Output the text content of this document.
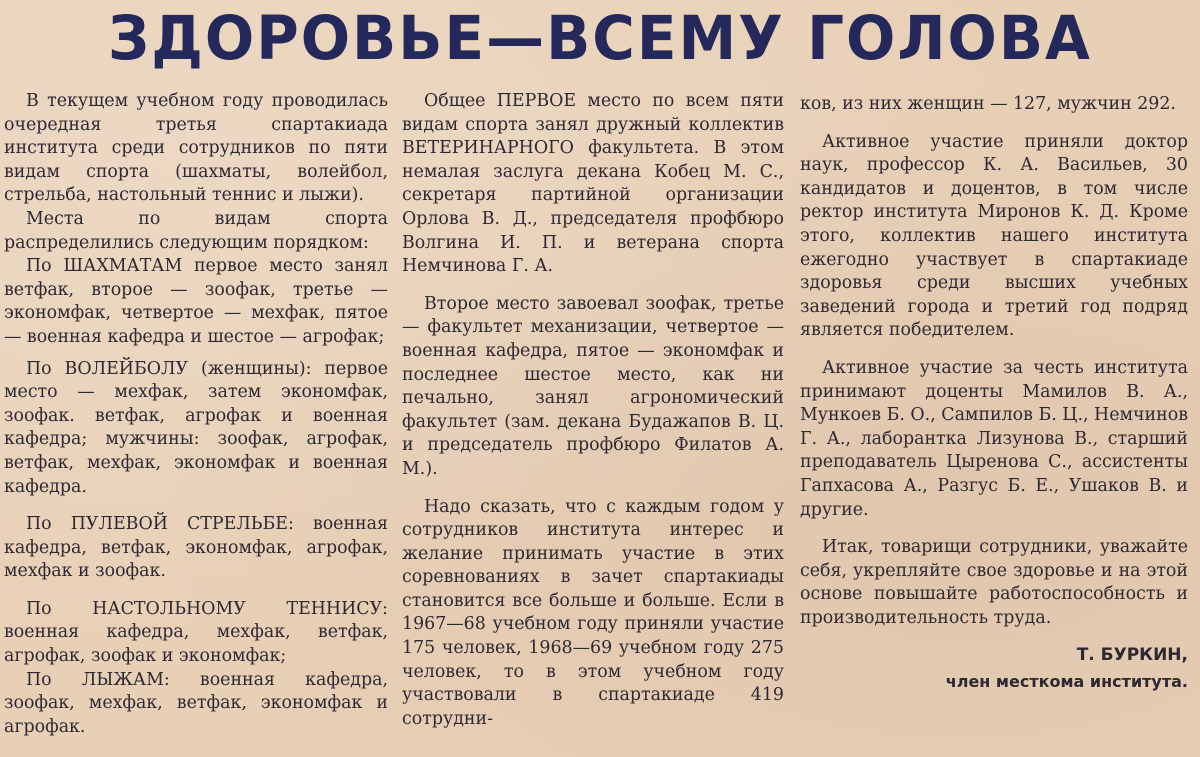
ЗДОРОВЬЕ—ВСЕМУ ГОЛОВА

В текущем учебном году проводилась очередная третья спартакиада института среди сотрудников по пяти видам спорта (шахматы, волейбол, стрельба, настольный теннис и лыжи).

Места по видам спорта распределились следующим порядком:

По ШАХМАТАМ первое место занял ветфак, второе — зоофак, третье — экономфак, четвертое — мехфак, пятое — военная кафедра и шестое — агрофак;

По ВОЛЕЙБОЛУ (женщины): первое место — мехфак, затем экономфак, зоофак. ветфак, агрофак и военная кафедра; мужчины: зоофак, агрофак, ветфак, мехфак, экономфак и военная кафедра.

По ПУЛЕВОЙ СТРЕЛЬБЕ: военная кафедра, ветфак, экономфак, агрофак, мехфак и зоофак.

По НАСТОЛЬНОМУ ТЕННИСУ: военная кафедра, мехфак, ветфак, агрофак, зоофак и экономфак;

По ЛЫЖАМ: военная кафедра, зоофак, мехфак, ветфак, экономфак и агрофак.

Общее ПЕРВОЕ место по всем пяти видам спорта занял дружный коллектив ВЕТЕРИНАРНОГО факультета. В этом немалая заслуга декана Кобец М. С., секретаря партийной организации Орлова В. Д., председателя профбюро Волгина И. П. и ветерана спорта Немчинова Г. А.

Второе место завоевал зоофак, третье — факультет механизации, четвертое — военная кафедра, пятое — экономфак и последнее шестое место, как ни печально, занял агрономический факультет (зам. декана Будажапов В. Ц. и председатель профбюро Филатов А. М.).

Надо сказать, что с каждым годом у сотрудников института интерес и желание принимать участие в этих соревнованиях в зачет спартакиады становится все больше и больше. Если в 1967—68 учебном году приняли участие 175 человек, 1968—69 учебном году 275 человек, то в этом учебном году участвовали в спартакиаде 419 сотрудни-

ков, из них женщин — 127, мужчин 292.

Активное участие приняли доктор наук, профессор К. А. Васильев, 30 кандидатов и доцентов, в том числе ректор института Миронов К. Д. Кроме этого, коллектив нашего института ежегодно участвует в спартакиаде здоровья среди высших учебных заведений города и третий год подряд является победителем.

Активное участие за честь института принимают доценты Мамилов В. А., Мункоев Б. О., Сампилов Б. Ц., Немчинов Г. А., лаборантка Лизунова В., старший преподаватель Цыренова С., ассистенты Гапхасова А., Разгус Б. Е., Ушаков В. и другие.

Итак, товарищи сотрудники, уважайте себя, укрепляйте свое здоровье и на этой основе повышайте работоспособность и производительность труда.

Т. БУРКИН,
член месткома института.
